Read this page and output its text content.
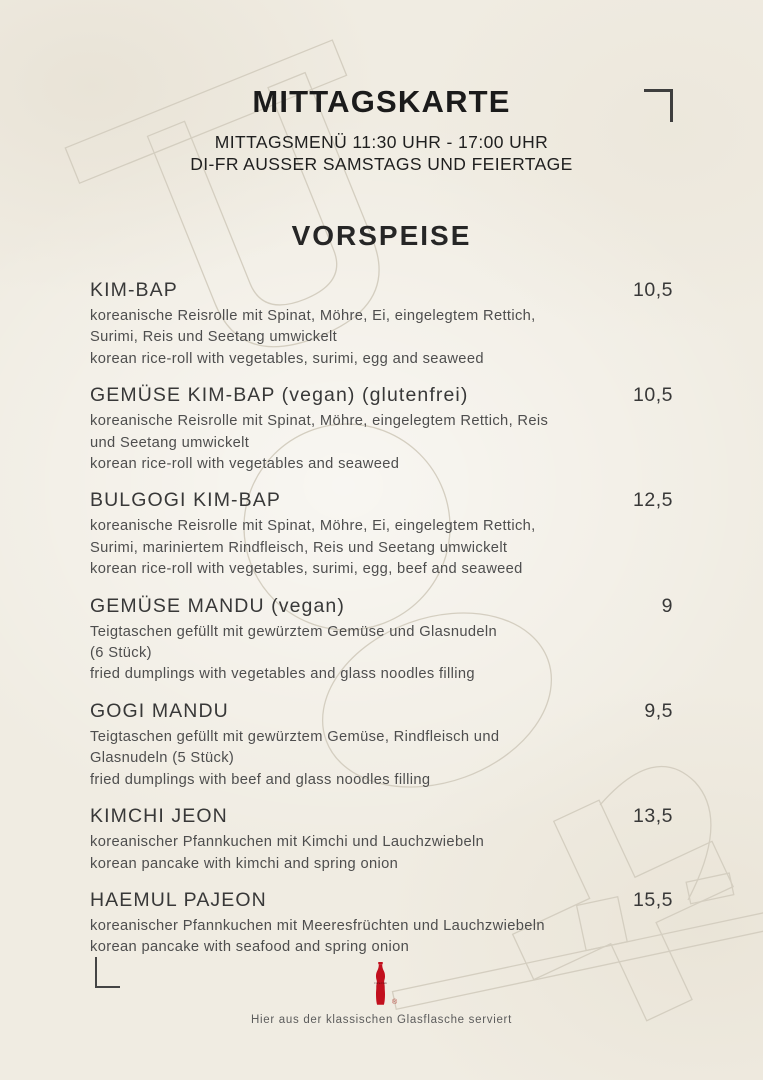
MITTAGSKARTE
MITTAGSMENÜ 11:30 UHR - 17:00 UHR
DI-FR AUSSER SAMSTAGS UND FEIERTAGE
VORSPEISE
KIM-BAP	10,5
koreanische Reisrolle mit Spinat, Möhre, Ei, eingelegtem Rettich,
Surimi, Reis und Seetang umwickelt
korean rice-roll with vegetables, surimi, egg and seaweed
GEMÜSE KIM-BAP (vegan) (glutenfrei)	10,5
koreanische Reisrolle mit Spinat, Möhre, eingelegtem Rettich, Reis
und Seetang umwickelt
korean rice-roll with vegetables and seaweed
BULGOGI KIM-BAP	12,5
koreanische Reisrolle mit Spinat, Möhre, Ei, eingelegtem Rettich,
Surimi, mariniertem Rindfleisch, Reis und Seetang umwickelt
korean rice-roll with vegetables, surimi, egg, beef and seaweed
GEMÜSE MANDU (vegan)	9
Teigtaschen gefüllt mit gewürztem Gemüse und Glasnudeln
(6 Stück)
fried dumplings with vegetables and glass noodles filling
GOGI MANDU	9,5
Teigtaschen gefüllt mit gewürztem Gemüse, Rindfleisch und
Glasnudeln (5 Stück)
fried dumplings with beef and glass noodles filling
KIMCHI JEON	13,5
koreanischer Pfannkuchen mit Kimchi und Lauchzwiebeln
korean pancake with kimchi and spring onion
HAEMUL PAJEON	15,5
koreanischer Pfannkuchen mit Meeresfrüchten und Lauchzwiebeln
korean pancake with seafood and spring onion
Coca-Cola
®
Hier aus der klassischen Glasflasche serviert
